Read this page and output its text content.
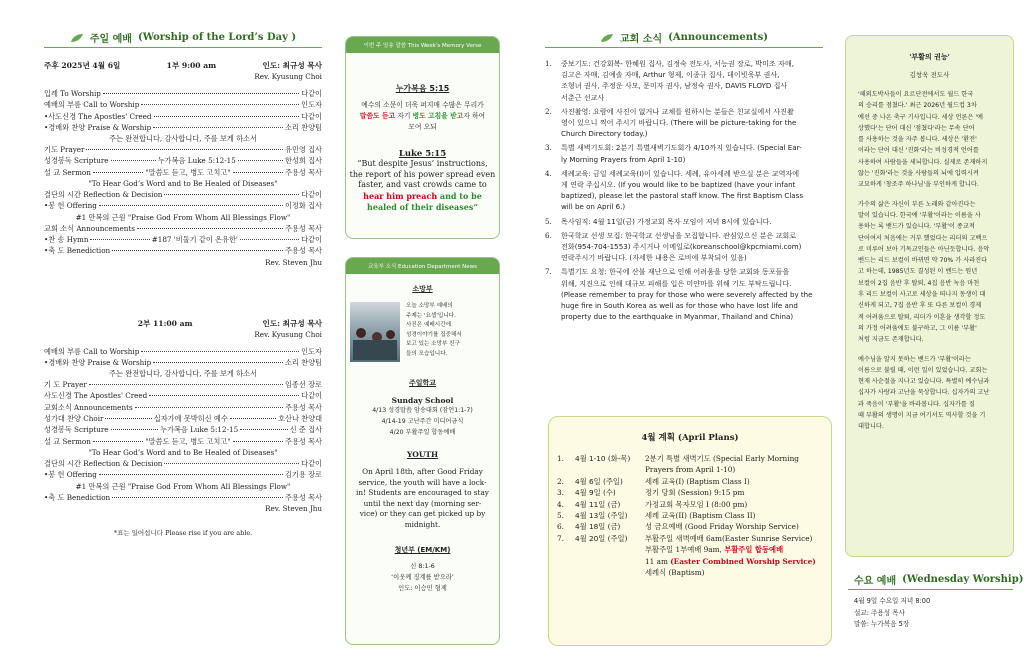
주일 예배 (Worship of the Lord’s Day )
주후 2025년 4월 6일	1부 9:00 am	인도: 최규성 목사
Rev. Kyusung Choi
입례 To Worship	다같이
예배의 부름 Call to Worship	인도자
•사도신경 The Apostles' Creed	다같이
•경배와 찬양 Praise & Worship	소리 찬양팀
주는 완전합니다, 감사합니다, 주를 보게 하소서
기도 Prayer	유민영 집사
성경봉독 Scripture	누가복음 Luke 5:12-15	한성희 집사
설 교 Sermon	"말씀도 듣고, 병도 고치고"	주용성 목사
"To Hear God’s Word and to Be Healed of Diseases"
결단의 시간 Reflection & Decision	다같이
•봉 헌 Offering	이정화 집사
#1 만복의 근원 "Praise God From Whom All Blessings Flow"
교회 소식 Announcements	주용성 목사
•찬 송 Hymn	#187 '비둘기 같이 온유한'	다같이
•축 도 Benediction	주용성 목사
Rev. Steven Jhu
2부 11:00 am	인도: 최규성 목사
Rev. Kyusung Choi
예배의 부름 Call to Worship	인도자
•경배와 찬양 Praise & Worship	소리 찬양팀
주는 완전합니다, 감사합니다, 주를 보게 하소서
기 도 Prayer	임종선 장로
사도신경 The Apostles' Creed	다같이
교회소식 Announcements	주용성 목사
성가대 찬양 Choir	십자가에 못박히신 예수	호산나 찬양대
성경봉독 Scripture	누가복음 Luke 5:12-15	신 준 집사
설 교 Sermon	"말씀도 듣고, 병도 고치고"	주용성 목사
"To Hear God’s Word and to Be Healed of Diseases"
결단의 시간 Reflection & Decision	다같이
•봉 헌 Offering	김기용 장로
#1 만복의 근원 "Praise God From Whom All Blessings Flow"
•축 도 Benediction	주용성 목사
Rev. Steven Jhu
*표는 일어섭니다 Please rise if you are able.
이번 주 암송 말씀 This Week's Memory Verse
누가복음 5:15
예수의 소문이 더욱 퍼지매 수많은 무리가
말씀도 듣고 자기 병도 고침을 받고자 하여
모여 오되
Luke 5:15
“But despite Jesus’ instructions,
the report of his power spread even
faster, and vast crowds came to
hear him preach and to be
healed of their diseases”
교육부 소식 Education Department News
소망부
오늘 소망부 예배의
주제는 '요셉'입니다.
사진은 예배시간에
성경이야기를 집중해서
보고 있는 소망부 친구
들의 모습입니다.
주일학교
Sunday School
4/13 성경말씀 암송대회 (잠언1:1-7)
4/14-19 고난주간 미디어금식
4/20 부활주일 합동예배
YOUTH
On April 18th, after Good Friday
service, the youth will have a lock-
in! Students are encouraged to stay
until the next day (morning ser-
vice) or they can get picked up by
midnight.
청년부 (EM/KM)
신 8:1-6
‘이웃께 징계를 받으라’
인도: 이승민 형제
교회 소식 (Announcements)
1.	중보기도: 건강회복- 한혜원 집사, 김정숙 전도사, 서능권 장로, 박미조 자매,
김고은 자매, 김예솔 자매, Arthur 형제, 이종규 집사, 데이빗욱부 권사,
조형녀 권사, 주정운 사모, 문미자 권사, 남정숙 권사, DAVIS FLOYD 집사
서춘근 선교사
2.	사진촬영: 요람에 사진이 없거나 교체를 원하시는 분들은 친교실에서 사진촬
영이 있으니 찍어 주시기 바랍니다. (There will be picture-taking for the
Church Directory today.)
3.	특별 새벽기도회: 2분기 특별새벽기도회가 4/10까지 있습니다. (Special Ear-
ly Morning Prayers from April 1-10)
4.	세례교육: 금일 세례교육(I)이 있습니다. 세례, 유아세례 받으실 분은 교역자에
게 연락 주십시오. (If you would like to be baptized (have your infant
baptized), please let the pastoral staff know. The first Baptism Class
will be on April 6.)
5.	목사임직: 4월 11일(금) 가정교회 목자 모임이 저녁 8시에 있습니다.
6.	한국학교 선생 모집: 한국학교 선생님을 모집합니다. 관심있으신 분은 교회로
전화(954-704-1553) 주시거나 이메일로(koreanschool@kpcmiami.com)
연락주시기 바랍니다. (자세한 내용은 로비에 부착되어 있음)
7.	특별기도 요청: 한국에 산불 재난으로 인해 어려움을 당한 교회와 동포들을
위해, 지진으로 인해 대규모 피해를 입은 미얀마를 위해 기도 부탁드립니다.
(Please remember to pray for those who were severely affected by the
huge fire in South Korea as well as for those who have lost life and
property due to the earthquake in Myanmar, Thailand and China)
4월 계획 (April Plans)
1.	4월 1-10 (화-목)	2분기 특별 새벽기도 (Special Early Morning
Prayers from April 1-10)
2.	4월 6일 (주일)	세례 교육(I) (Baptism Class I)
3.	4월 9일 (수)	정기 당회 (Session) 9:15 pm
4.	4월 11일 (금)	가정교회 목자모임 I (8:00 pm)
5.	4월 13일 (주일)	세례 교육(II) (Baptism Class II)
6.	4월 18일 (금)	성 금요예배 (Good Friday Worship Service)
7.	4월 20일 (주일)	부활주일 새벽예배 6am(Easter Sunrise Service)
부활주일 1부예배 9am, 부활주일 합동예배
11 am (Easter Combined Worship Service)
세례식 (Baptism)
'부활의 권능'
김창욱 전도사
'해외도박사들이 요르단전에서도 월드 한국
의 승리를 점쳤다.' 최근 2026년 월드컵 3차
예선 중 나온 축구 기사입니다. 세상 언론은 '예
상했다'는 단어 대신 '점쳤다'라는 무속 단어
를 사용하는 것을 자주 봅니다. 세상은 '환전'
이라는 단어 대신 '진화'라는 비성경적 언어를
사용하여 사람들을 세뇌합니다. 실제로 존재하지
않는 '진화'라는 것을 사람들의 뇌에 입력시켜
교묘하게 '창조주 하나님'을 부인하게 합니다.
가수의 삶은 자신이 부른 노래와 같아진다는
말이 있습니다. 한국에 '부활'이라는 이름을 사
용하는 록 밴드가 있습니다. '부활'이 종교적
단어여서 처음에는 거부 했었다는 리더의 고백으
로 미루어 보아 기독교인들은 아닌듯합니다. 음악
밴드는 리드 보컬이 바뀌면 약 70% 가 사라진다
고 하는데, 1985년도 결성된 이 밴드는 원년
보컬이 2집 음반 후 탈퇴, 4집 음반 녹음 마친
후 리드 보컬이 사고로 세상을 떠나지 동생이 대
신하게 되고, 7집 음반 후 또 다른 보컬이 경제
적 어려움으로 탈퇴, 리더가 이혼을 생각할 정도
의 가정 어려움에도 불구하고, 그 이름 '부활'
처럼 지금도 존재합니다.
예수님을 알지 못하는 밴드가 '부활'이라는
이름으로 불릴 때, 이런 일이 있었습니다. 교회는
현재 사순절을 지나고 있습니다. 특별히 예수님과
십자가 사랑과 고난을 묵상합니다. 십자가의 고난
과 죽음이 '부활'을 바라봅니다. 십자가를 질
때 부활의 생명이 지금 여기서도 역사할 것을 기
대합니다.
수요 예배 (Wednesday Worship)
4월 9일 수요일 저녁 8:00
설교: 주용성 목사
말씀: 누가복음 5장
